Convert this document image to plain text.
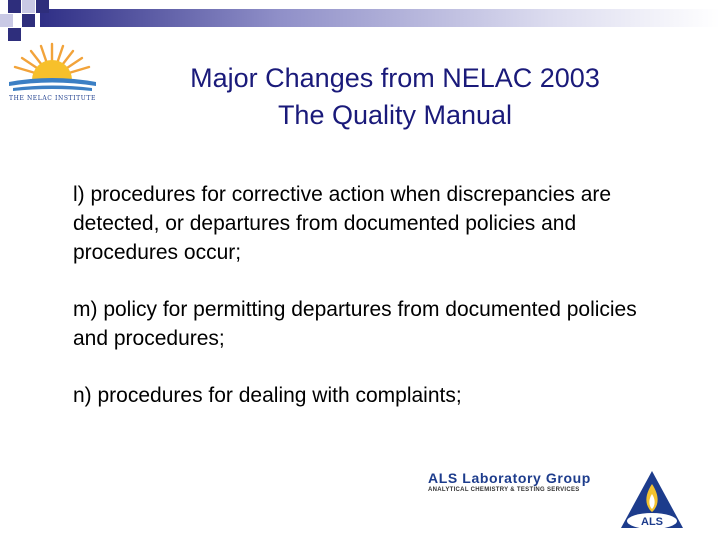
THE NELAC INSTITUTE
Major Changes from NELAC 2003
The Quality Manual
l) procedures for corrective action when discrepancies are detected, or departures from documented policies and procedures occur;
m) policy for permitting departures from documented policies and procedures;
n) procedures for dealing with complaints;
ALS Laboratory Group
ANALYTICAL CHEMISTRY & TESTING SERVICES
ALS
